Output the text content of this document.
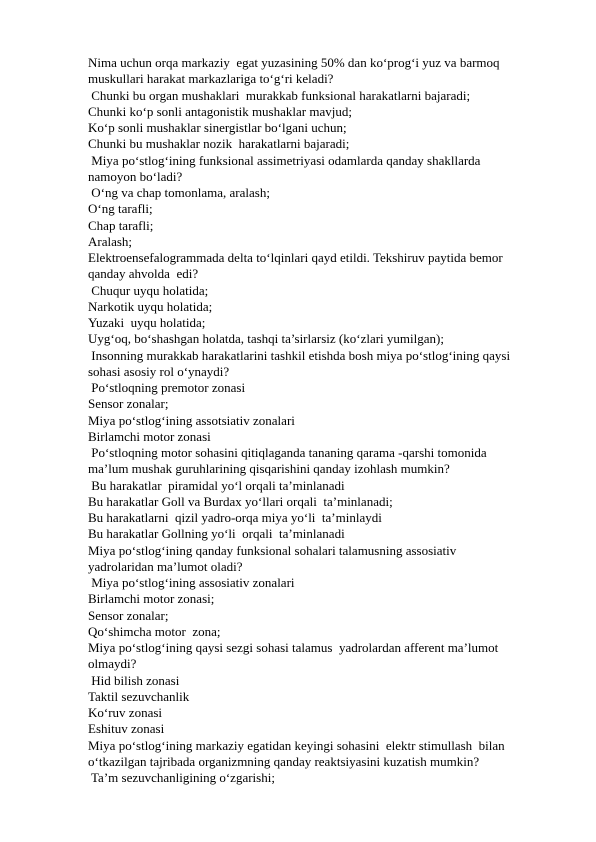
Nima uchun orqa markaziy  egat yuzasining 50% dan ko‘prog‘i yuz va barmoq
muskullari harakat markazlariga to‘g‘ri keladi?
Chunki bu organ mushaklari  murakkab funksional harakatlarni bajaradi;
Chunki ko‘p sonli antagonistik mushaklar mavjud;
Ko‘p sonli mushaklar sinergistlar bo‘lgani uchun;
Chunki bu mushaklar nozik  harakatlarni bajaradi;
Miya po‘stlog‘ining funksional assimetriyasi odamlarda qanday shakllarda
namoyon bo‘ladi?
O‘ng va chap tomonlama, aralash;
O‘ng tarafli;
Chap tarafli;
Aralash;
Elektroensefalogrammada delta to‘lqinlari qayd etildi. Tekshiruv paytida bemor
qanday ahvolda  edi?
Chuqur uyqu holatida;
Narkotik uyqu holatida;
Yuzaki  uyqu holatida;
Uyg‘oq, bo‘shashgan holatda, tashqi ta’sirlarsiz (ko‘zlari yumilgan);
Insonning murakkab harakatlarini tashkil etishda bosh miya po‘stlog‘ining qaysi
sohasi asosiy rol o‘ynaydi?
Po‘stloqning premotor zonasi
Sensor zonalar;
Miya po‘stlog‘ining assotsiativ zonalari
Birlamchi motor zonasi
Po‘stloqning motor sohasini qitiqlaganda tananing qarama -qarshi tomonida
ma’lum mushak guruhlarining qisqarishini qanday izohlash mumkin?
Bu harakatlar  piramidal yo‘l orqali ta’minlanadi
Bu harakatlar Goll va Burdax yo‘llari orqali  ta’minlanadi;
Bu harakatlarni  qizil yadro-orqa miya yo‘li  ta’minlaydi
Bu harakatlar Gollning yo‘li  orqali  ta’minlanadi
Miya po‘stlog‘ining qanday funksional sohalari talamusning assosiativ
yadrolaridan ma’lumot oladi?
Miya po‘stlog‘ining assosiativ zonalari
Birlamchi motor zonasi;
Sensor zonalar;
Qo‘shimcha motor  zona;
Miya po‘stlog‘ining qaysi sezgi sohasi talamus  yadrolardan afferent ma’lumot
olmaydi?
Hid bilish zonasi
Taktil sezuvchanlik
Ko‘ruv zonasi
Eshituv zonasi
Miya po‘stlog‘ining markaziy egatidan keyingi sohasini  elektr stimullash  bilan
o‘tkazilgan tajribada organizmning qanday reaktsiyasini kuzatish mumkin?
Ta’m sezuvchanligining o‘zgarishi;
